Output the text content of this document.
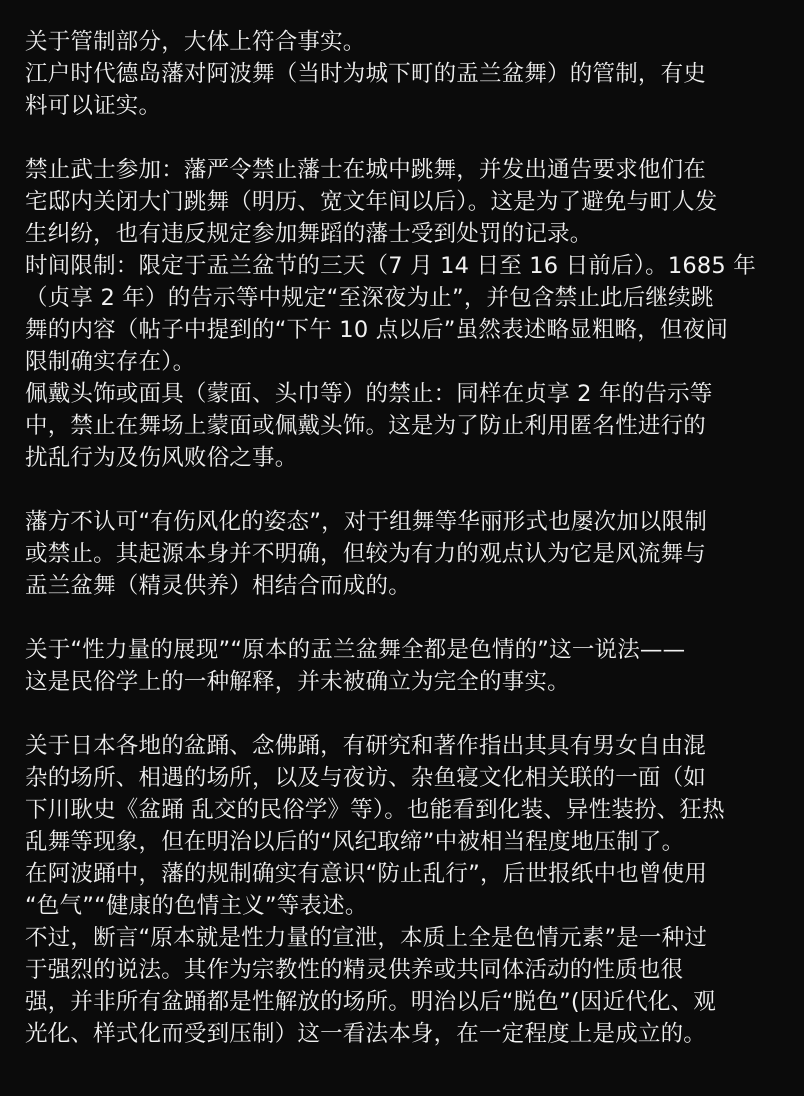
关于管制部分，大体上符合事实。
江户时代德岛藩对阿波舞（当时为城下町的盂兰盆舞）的管制，有史
料可以证实。
禁止武士参加：藩严令禁止藩士在城中跳舞，并发出通告要求他们在
宅邸内关闭大门跳舞（明历、宽文年间以后）。这是为了避免与町人发
生纠纷，也有违反规定参加舞蹈的藩士受到处罚的记录。
时间限制：限定于盂兰盆节的三天（7 月 14 日至 16 日前后）。1685 年
（贞享 2 年）的告示等中规定“至深夜为止”，并包含禁止此后继续跳
舞的内容（帖子中提到的“下午 10 点以后”虽然表述略显粗略，但夜间
限制确实存在）。
佩戴头饰或面具（蒙面、头巾等）的禁止：同样在贞享 2 年的告示等
中，禁止在舞场上蒙面或佩戴头饰。这是为了防止利用匿名性进行的
扰乱行为及伤风败俗之事。
藩方不认可“有伤风化的姿态”，对于组舞等华丽形式也屡次加以限制
或禁止。其起源本身并不明确，但较为有力的观点认为它是风流舞与
盂兰盆舞（精灵供养）相结合而成的。
关于“性力量的展现”“原本的盂兰盆舞全都是色情的”这一说法——
这是民俗学上的一种解释，并未被确立为完全的事实。
关于日本各地的盆踊、念佛踊，有研究和著作指出其具有男女自由混
杂的场所、相遇的场所，以及与夜访、杂鱼寝文化相关联的一面（如
下川耿史《盆踊 乱交的民俗学》等）。也能看到化装、异性装扮、狂热
乱舞等现象，但在明治以后的“风纪取缔”中被相当程度地压制了。
在阿波踊中，藩的规制确实有意识“防止乱行”，后世报纸中也曾使用
“色气”“健康的色情主义”等表述。
不过，断言“原本就是性力量的宣泄，本质上全是色情元素”是一种过
于强烈的说法。其作为宗教性的精灵供养或共同体活动的性质也很
强，并非所有盆踊都是性解放的场所。明治以后“脱色”(因近代化、观
光化、样式化而受到压制）这一看法本身，在一定程度上是成立的。
